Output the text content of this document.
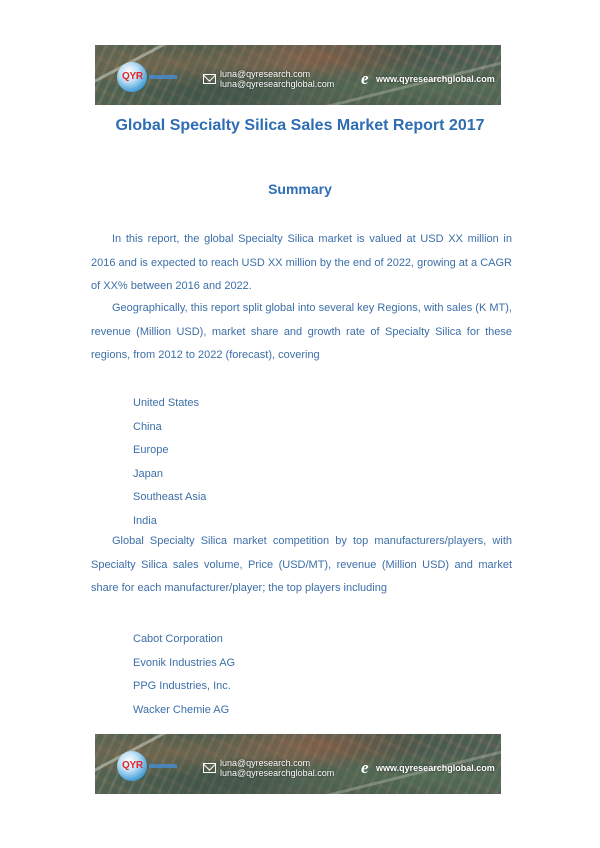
QYR	luna@qyresearch.com
luna@qyresearchglobal.com e www.qyresearchglobal.com
Global Specialty Silica Sales Market Report 2017
Summary

In this report, the global Specialty Silica market is valued at USD XX million in 2016 and is expected to reach USD XX million by the end of 2022, growing at a CAGR of XX% between 2016 and 2022.

Geographically, this report split global into several key Regions, with sales (K MT), revenue (Million USD), market share and growth rate of Specialty Silica for these regions, from 2012 to 2022 (forecast), covering

United States
China
Europe
Japan
Southeast Asia
India

Global Specialty Silica market competition by top manufacturers/players, with Specialty Silica sales volume, Price (USD/MT), revenue (Million USD) and market share for each manufacturer/player; the top players including

Cabot Corporation
Evonik Industries AG
PPG Industries, Inc.
Wacker Chemie AG
QYR	luna@qyresearch.com
luna@qyresearchglobal.com e www.qyresearchglobal.com
